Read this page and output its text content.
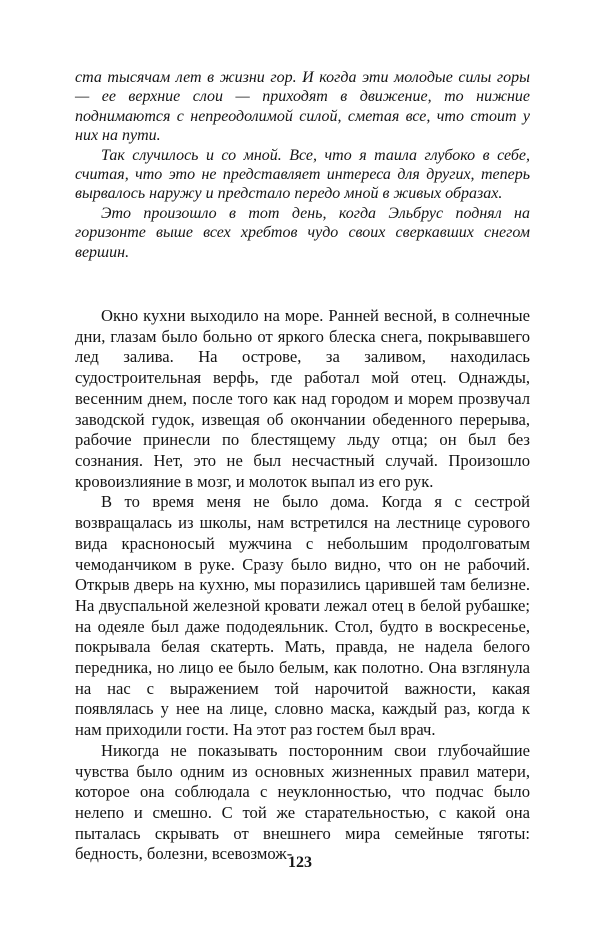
ста тысячам лет в жизни гор. И когда эти молодые силы горы — ее верхние слои — приходят в движение, то нижние поднимаются с непреодолимой силой, сметая все, что стоит у них на пути.

Так случилось и со мной. Все, что я таила глубоко в себе, считая, что это не представляет интереса для других, теперь вырвалось наружу и предстало передо мной в живых образах.

Это произошло в тот день, когда Эльбрус поднял на горизонте выше всех хребтов чудо своих сверкавших снегом вершин.

Окно кухни выходило на море. Ранней весной, в солнечные дни, глазам было больно от яркого блеска снега, покрывавшего лед залива. На острове, за заливом, находилась судостроительная верфь, где работал мой отец. Однажды, весенним днем, после того как над городом и морем прозвучал заводской гудок, извещая об окончании обеденного перерыва, рабочие принесли по блестящему льду отца; он был без сознания. Нет, это не был несчастный случай. Произошло кровоизлияние в мозг, и молоток выпал из его рук.

В то время меня не было дома. Когда я с сестрой возвращалась из школы, нам встретился на лестнице сурового вида красноносый мужчина с небольшим продолговатым чемоданчиком в руке. Сразу было видно, что он не рабочий. Открыв дверь на кухню, мы поразились царившей там белизне. На двуспальной железной кровати лежал отец в белой рубашке; на одеяле был даже пододеяльник. Стол, будто в воскресенье, покрывала белая скатерть. Мать, правда, не надела белого передника, но лицо ее было белым, как полотно. Она взглянула на нас с выражением той нарочитой важности, какая появлялась у нее на лице, словно маска, каждый раз, когда к нам приходили гости. На этот раз гостем был врач.

Никогда не показывать посторонним свои глубочайшие чувства было одним из основных жизненных правил матери, которое она соблюдала с неуклонностью, что подчас было нелепо и смешно. С той же старательностью, с какой она пыталась скрывать от внешнего мира семейные тяготы: бедность, болезни, всевозмож-

123
